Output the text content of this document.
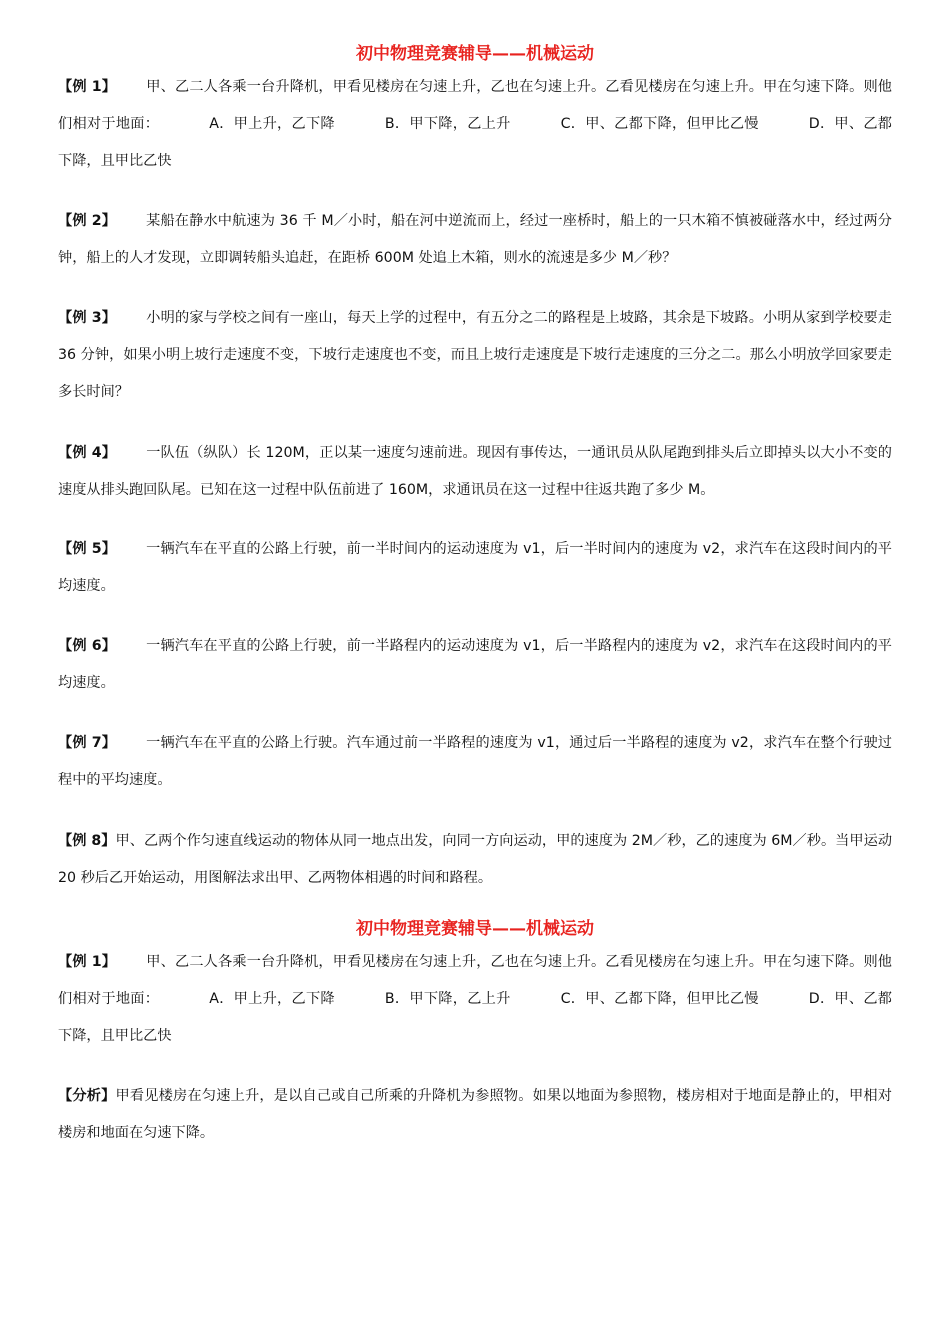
初中物理竞赛辅导——机械运动
【例 1】 甲、乙二人各乘一台升降机，甲看见楼房在匀速上升，乙也在匀速上升。乙看见楼房在匀速上升。甲在匀速下降。则他们相对于地面：	A．甲上升，乙下降	B．甲下降，乙上升	C．甲、乙都下降，但甲比乙慢	D．甲、乙都下降，且甲比乙快
【例 2】 某船在静水中航速为 36 千 M／小时，船在河中逆流而上，经过一座桥时，船上的一只木箱不慎被碰落水中，经过两分钟，船上的人才发现，立即调转船头追赶，在距桥 600M 处追上木箱，则水的流速是多少 M／秒？
【例 3】 小明的家与学校之间有一座山，每天上学的过程中，有五分之二的路程是上坡路，其余是下坡路。小明从家到学校要走 36 分钟，如果小明上坡行走速度不变，下坡行走速度也不变，而且上坡行走速度是下坡行走速度的三分之二。那么小明放学回家要走多长时间？
【例 4】 一队伍（纵队）长 120M，正以某一速度匀速前进。现因有事传达，一通讯员从队尾跑到排头后立即掉头以大小不变的速度从排头跑回队尾。已知在这一过程中队伍前进了 160M，求通讯员在这一过程中往返共跑了多少 M。
【例 5】 一辆汽车在平直的公路上行驶，前一半时间内的运动速度为 v1，后一半时间内的速度为 v2，求汽车在这段时间内的平均速度。
【例 6】 一辆汽车在平直的公路上行驶，前一半路程内的运动速度为 v1，后一半路程内的速度为 v2，求汽车在这段时间内的平均速度。
【例 7】 一辆汽车在平直的公路上行驶。汽车通过前一半路程的速度为 v1，通过后一半路程的速度为 v2，求汽车在整个行驶过程中的平均速度。
【例 8】甲、乙两个作匀速直线运动的物体从同一地点出发，向同一方向运动，甲的速度为 2M／秒，乙的速度为 6M／秒。当甲运动 20 秒后乙开始运动，用图解法求出甲、乙两物体相遇的时间和路程。
初中物理竞赛辅导——机械运动
【例 1】 甲、乙二人各乘一台升降机，甲看见楼房在匀速上升，乙也在匀速上升。乙看见楼房在匀速上升。甲在匀速下降。则他们相对于地面：	A．甲上升，乙下降	B．甲下降，乙上升	C．甲、乙都下降，但甲比乙慢	D．甲、乙都下降，且甲比乙快
【分析】甲看见楼房在匀速上升，是以自己或自己所乘的升降机为参照物。如果以地面为参照物，楼房相对于地面是静止的，甲相对楼房和地面在匀速下降。
